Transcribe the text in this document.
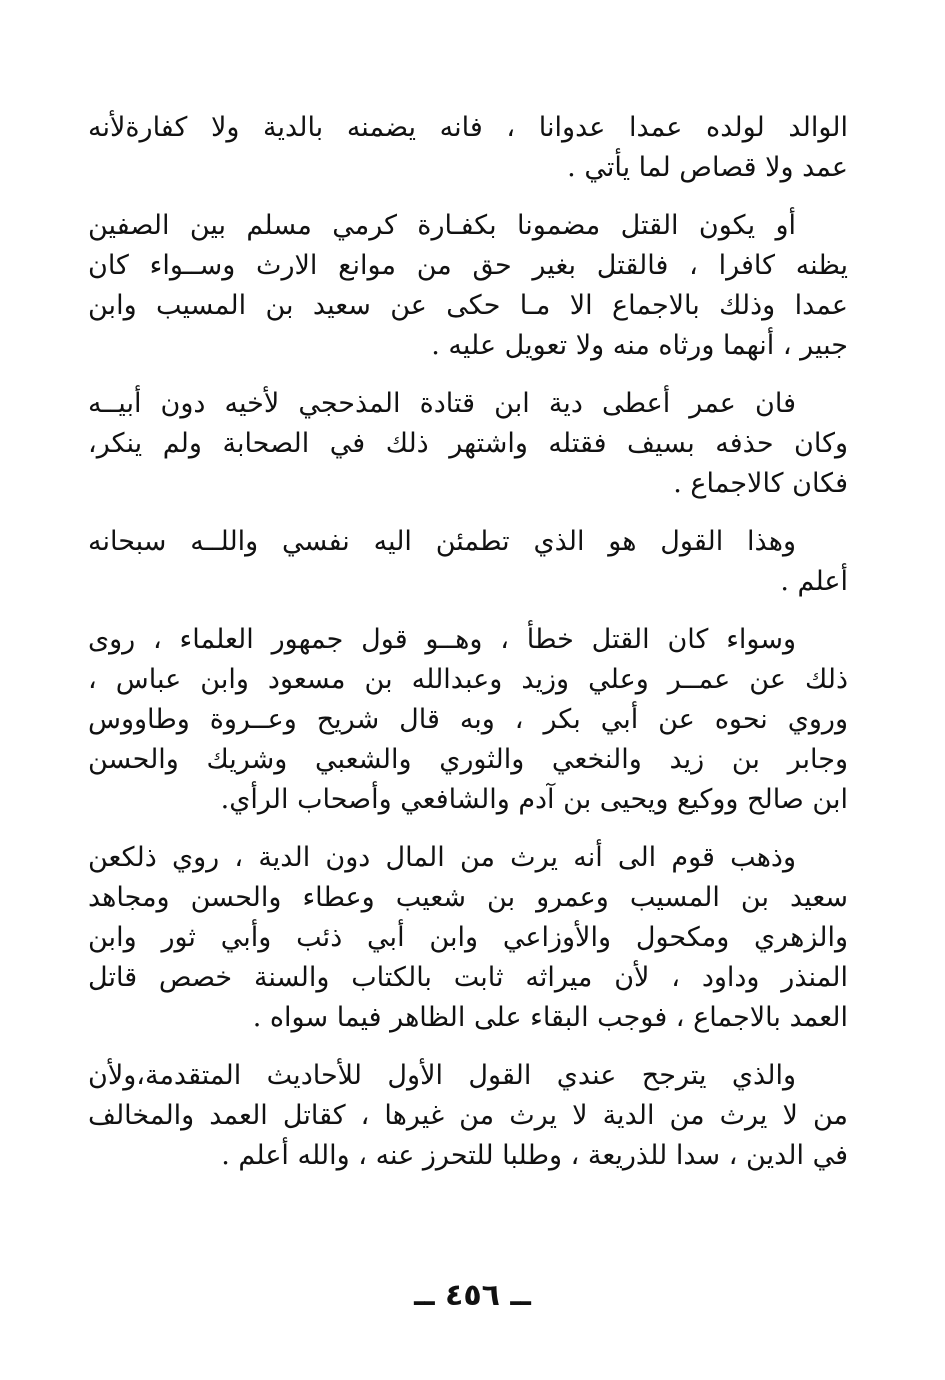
الوالد لولده عمدا عدوانا ، فانه يضمنه بالدية ولا كفارةلأنه
عمد ولا قصاص لما يأتي .
أو يكون القتل مضمونا بكفـارة كرمي مسلم بين الصفين
يظنه كافرا ، فالقتل بغير حق من موانع الارث وســواء كان
عمدا وذلك بالاجماع الا مـا حكى عن سعيد بن المسيب وابن
جبير ، أنهما ورثاه منه ولا تعويل عليه .
فان عمر أعطى دية ابن قتادة المذحجي لأخيه دون أبيــه
وكان حذفه بسيف فقتله واشتهر ذلك في الصحابة ولم ينكر،
فكان كالاجماع .
وهذا القول هو الذي تطمئن اليه نفسي واللــه سبحانه
أعلم .
وسواء كان القتل خطأ ، وهــو قول جمهور العلماء ، روى
ذلك عن عمــر وعلي وزيد وعبدالله بن مسعود وابن عباس ،
وروي نحوه عن أبي بكر ، وبه قال شريح وعــروة وطاووس
وجابر بن زيد والنخعي والثوري والشعبي وشريك والحسن
ابن صالح ووكيع ويحيى بن آدم والشافعي وأصحاب الرأي.
وذهب قوم الى أنه يرث من المال دون الدية ، روي ذلكعن
سعيد بن المسيب وعمرو بن شعيب وعطاء والحسن ومجاهد
والزهري ومكحول والأوزاعي وابن أبي ذئب وأبي ثور وابن
المنذر وداود ، لأن ميراثه ثابت بالكتاب والسنة خصص قاتل
العمد بالاجماع ، فوجب البقاء على الظاهر فيما سواه .
والذي يترجح عندي القول الأول للأحاديث المتقدمة،ولأن
من لا يرث من الدية لا يرث من غيرها ، كقاتل العمد والمخالف
في الدين ، سدا للذريعة ، وطلبا للتحرز عنه ، والله أعلم .
ــ ٤٥٦ ــ
